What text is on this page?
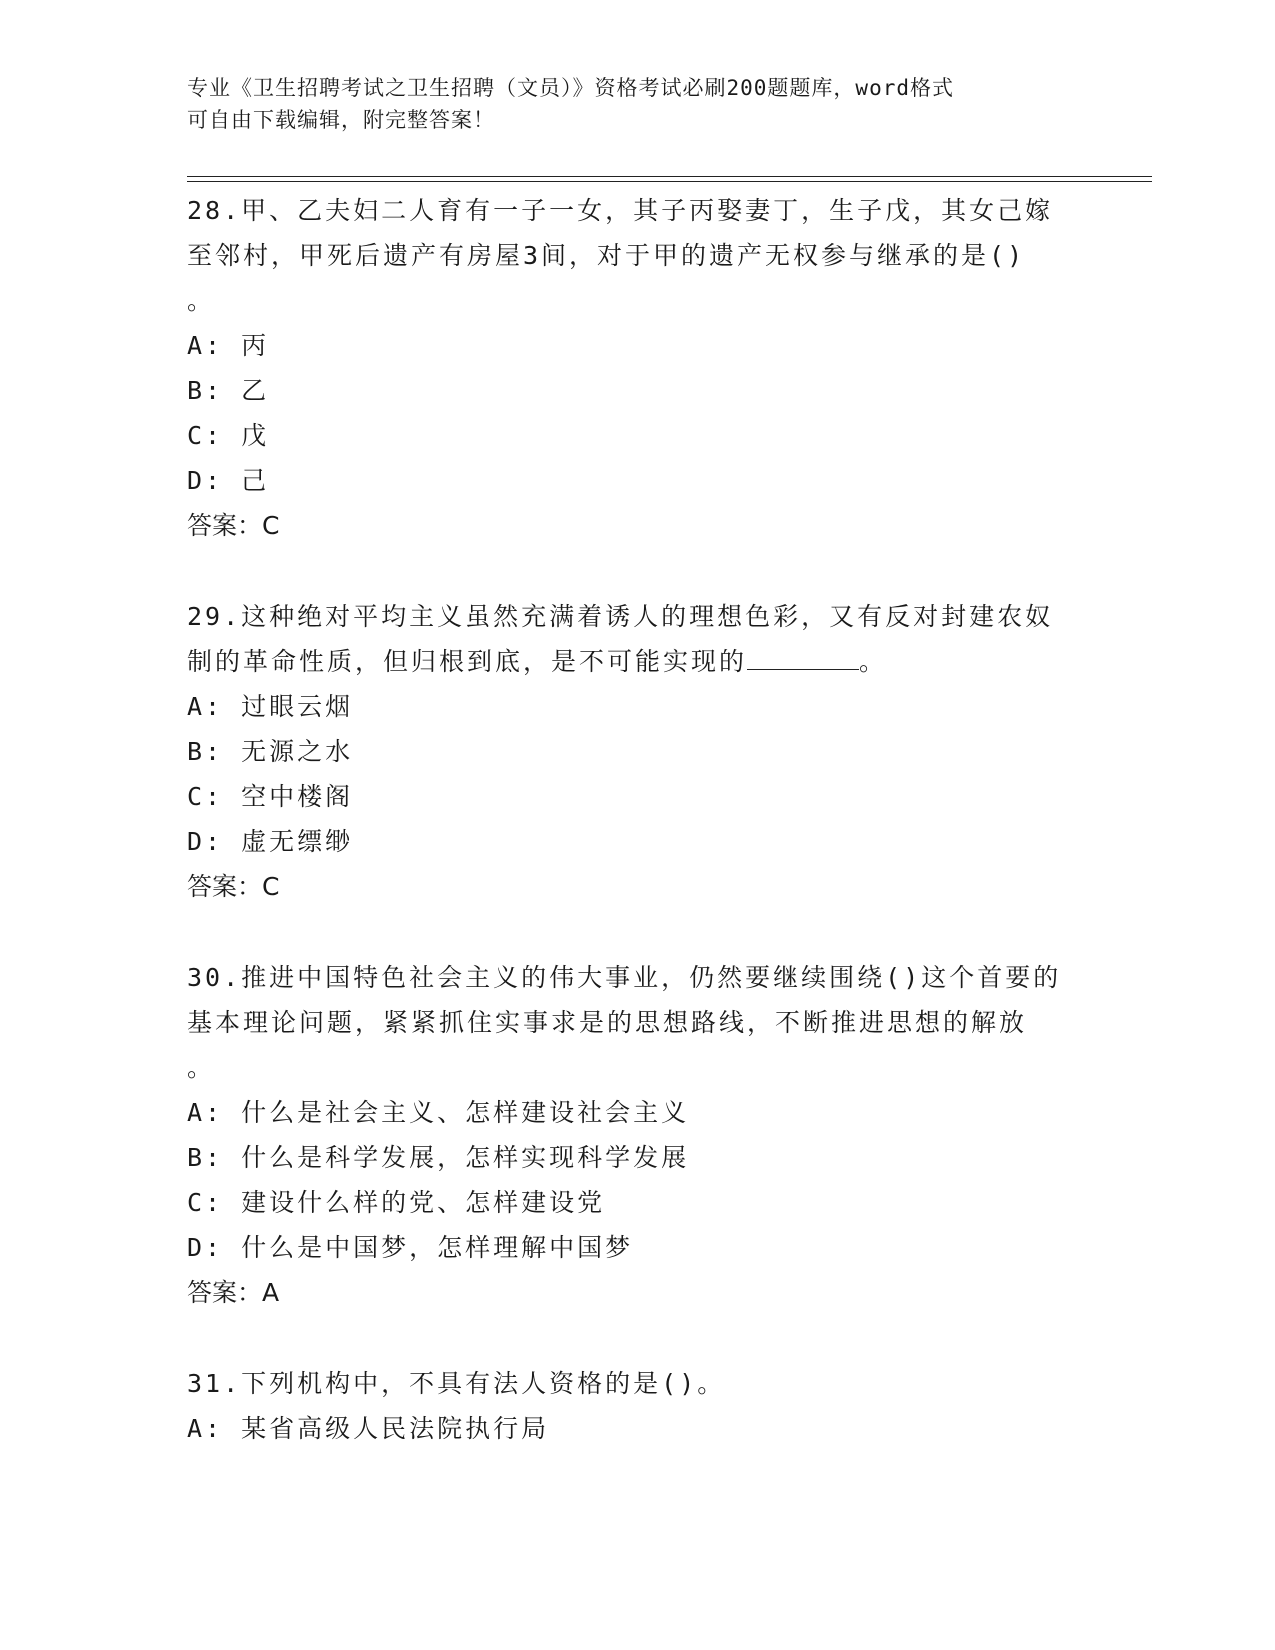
专业《卫生招聘考试之卫生招聘（文员）》资格考试必刷200题题库，word格式
可自由下载编辑，附完整答案！
28.甲、乙夫妇二人育有一子一女，其子丙娶妻丁，生子戊，其女己嫁
至邻村，甲死后遗产有房屋3间，对于甲的遗产无权参与继承的是()
。
A: 丙
B: 乙
C: 戊
D: 己
答案：C
29.这种绝对平均主义虽然充满着诱人的理想色彩，又有反对封建农奴
制的革命性质，但归根到底，是不可能实现的	。
A: 过眼云烟
B: 无源之水
C: 空中楼阁
D: 虚无缥缈
答案：C
30.推进中国特色社会主义的伟大事业，仍然要继续围绕()这个首要的
基本理论问题，紧紧抓住实事求是的思想路线，不断推进思想的解放
。
A: 什么是社会主义、怎样建设社会主义
B: 什么是科学发展，怎样实现科学发展
C: 建设什么样的党、怎样建设党
D: 什么是中国梦，怎样理解中国梦
答案：A
31.下列机构中，不具有法人资格的是()。
A: 某省高级人民法院执行局
